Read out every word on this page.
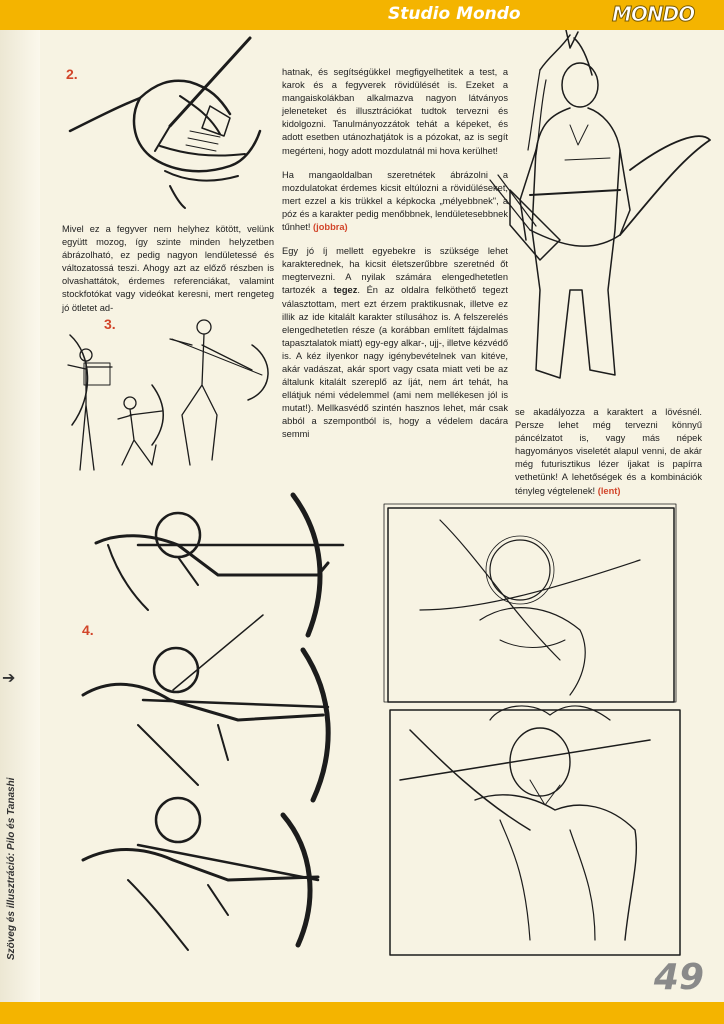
Studio Mondo	MONDO
2.
Mivel ez a fegyver nem helyhez kötött, velünk együtt mozog, így szinte minden helyzetben ábrázolható, ez pedig nagyon lendületessé és változatossá teszi. Ahogy azt az előző részben is olvashattátok, érdemes referenciákat, valamint stockfotókat vagy videókat keresni, mert rengeteg jó ötletet ad-
3.
hatnak, és segítségükkel megfigyelhetitek a test, a karok és a fegyverek rövidülését is. Ezeket a mangaiskolákban alkalmazva nagyon látványos jeleneteket és illusztrációkat tudtok tervezni és kidolgozni. Tanulmányozzátok tehát a képeket, és adott esetben utánozhatjátok is a pózokat, az is segít megérteni, hogy adott mozdulatnál mi hova kerülhet!
Ha mangaoldalban szeretnétek ábrázolni a mozdulatokat érdemes kicsit eltúlozni a rövidüléseket, mert ezzel a kis trükkel a képkocka „mélyebbnek", a póz és a karakter pedig menőbbnek, lendületesebbnek tűnhet! (jobbra)
Egy jó íj mellett egyebekre is szüksége lehet karakterednek, ha kicsit életszerűbbre szeretnéd őt megtervezni. A nyilak számára elengedhetetlen tartozék a tegez. Én az oldalra felköthető tegezt választottam, mert ezt érzem praktikusnak, illetve ez illik az ide kitalált karakter stílusához is. A felszerelés elengedhetetlen része (a korábban említett fájdalmas tapasztalatok miatt) egy-egy alkar-, ujj-, illetve kézvédő is. A kéz ilyenkor nagy igénybevételnek van kitéve, akár vadászat, akár sport vagy csata miatt veti be az általunk kitalált szereplő az íját, nem árt tehát, ha ellátjuk némi védelemmel (ami nem mellékesen jól is mutat!). Mellkasvédő szintén hasznos lehet, már csak abból a szempontból is, hogy a védelem dacára semmi
se akadályozza a karaktert a lövésnél. Persze lehet még tervezni könnyű páncélzatot is, vagy más népek hagyományos viseletét alapul venni, de akár még futurisztikus lézer íjakat is papírra vethetünk! A lehetőségek és a kombinációk tényleg végtelenek! (lent)
4.
Szöveg és illusztráció: Pilo és Tanashi
➔
49
